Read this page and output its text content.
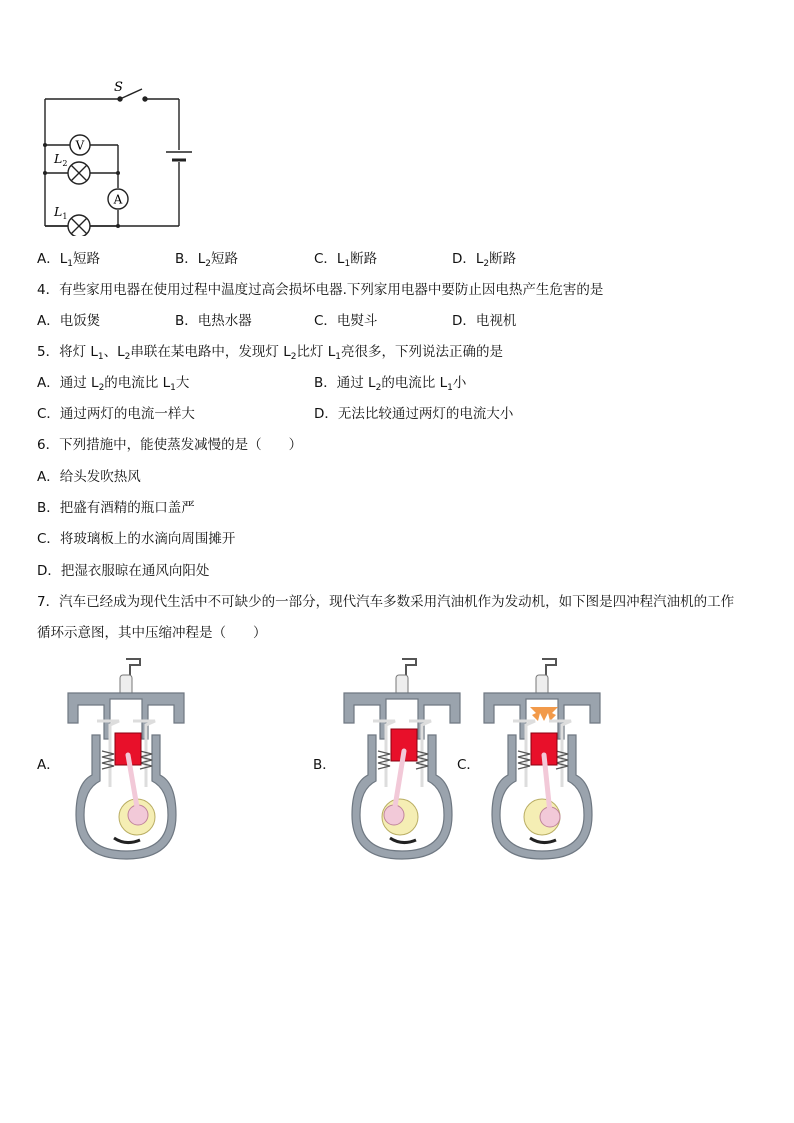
V
A
S
$L_2$
$L_1$
A．$L_1$短路	B．$L_2$短路	C．$L_1$断路	D．$L_2$断路
4．有些家用电器在使用过程中温度过高会损坏电器.下列家用电器中要防止因电热产生危害的是
A．电饭煲	B．电热水器	C．电熨斗	D．电视机
5．将灯 $L_1$、$L_2$串联在某电路中，发现灯 $L_2$比灯 $L_1$亮很多，下列说法正确的是
A．通过 $L_2$的电流比 $L_1$大	B．通过 $L_2$的电流比 $L_1$小
C．通过两灯的电流一样大	D．无法比较通过两灯的电流大小
6．下列措施中，能使蒸发减慢的是（　　）
A．给头发吹热风
B．把盛有酒精的瓶口盖严
C．将玻璃板上的水滴向周围摊开
D．把湿衣服晾在通风向阳处
7．汽车已经成为现代生活中不可缺少的一部分，现代汽车多数采用汽油机作为发动机，如下图是四冲程汽油机的工作
循环示意图，其中压缩冲程是（　　）
A．	B．	C．
